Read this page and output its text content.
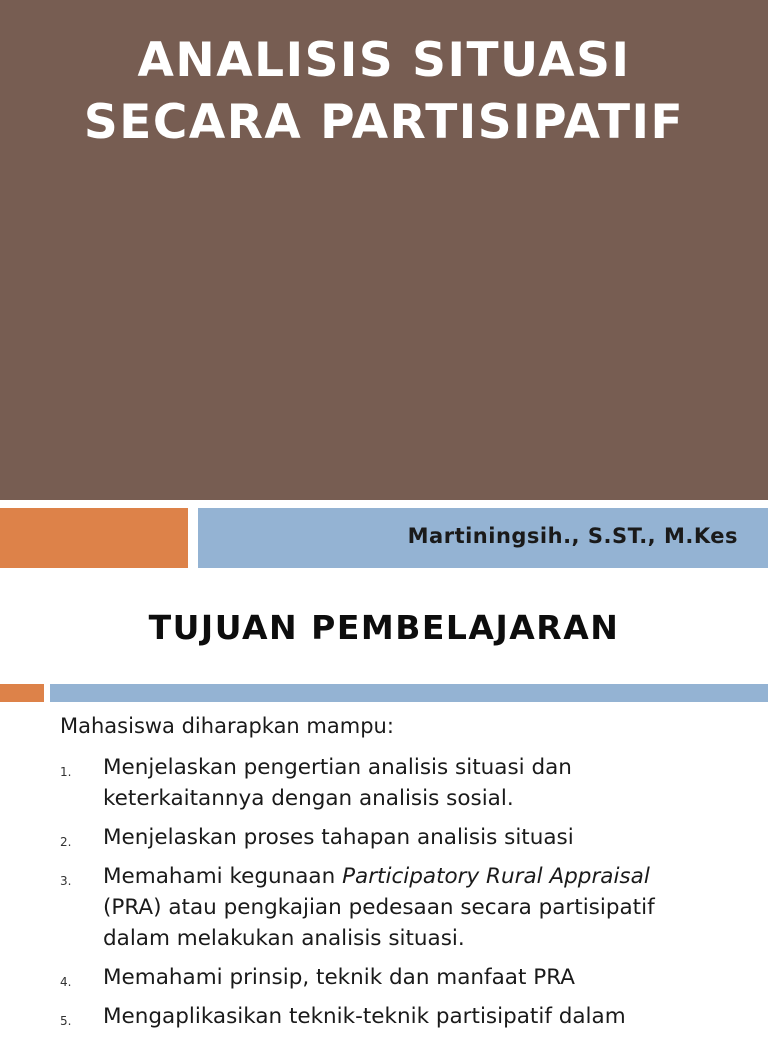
ANALISIS SITUASI
SECARA PARTISIPATIF
Martiningsih., S.ST., M.Kes
TUJUAN PEMBELAJARAN
Mahasiswa diharapkan mampu:
1. Menjelaskan pengertian analisis situasi dan
keterkaitannya dengan analisis sosial.
2. Menjelaskan proses tahapan analisis situasi
3. Memahami kegunaan Participatory Rural Appraisal
(PRA) atau pengkajian pedesaan secara partisipatif
dalam melakukan analisis situasi.
4. Memahami prinsip, teknik dan manfaat PRA
5. Mengaplikasikan teknik-teknik partisipatif dalam
